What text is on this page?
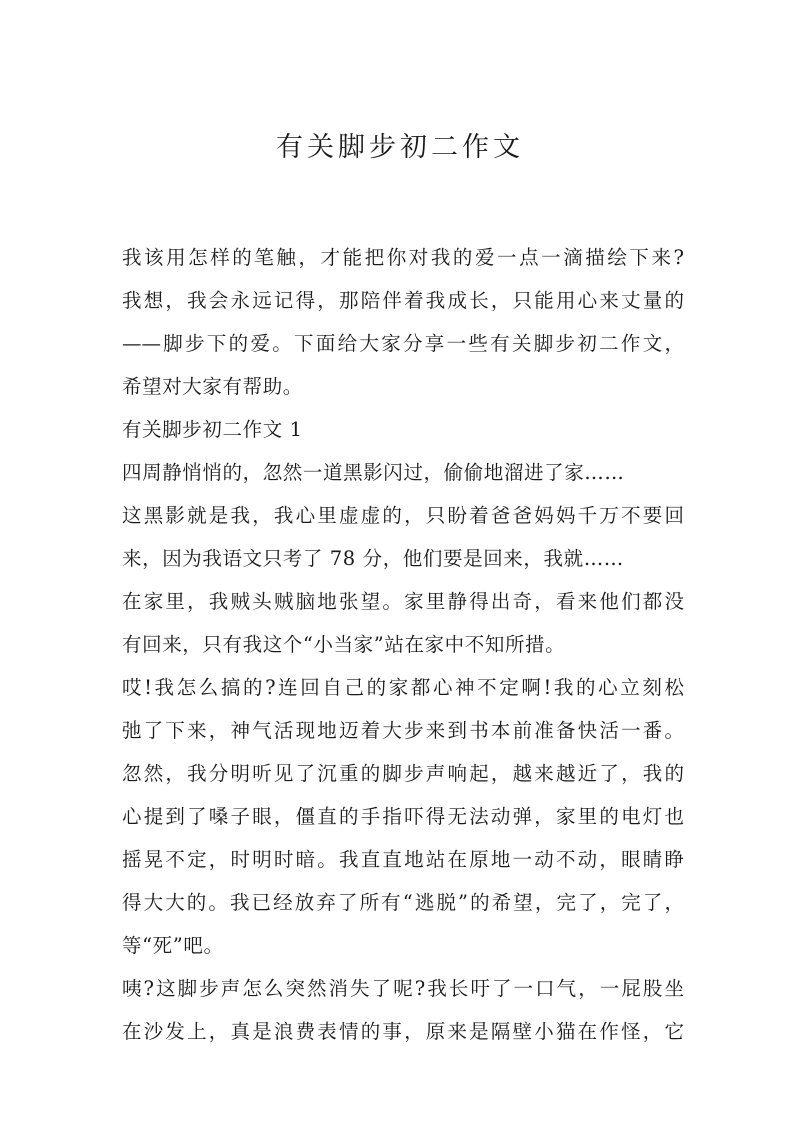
有关脚步初二作文
我该用怎样的笔触，才能把你对我的爱一点一滴描绘下来?
我想，我会永远记得，那陪伴着我成长，只能用心来丈量的
——脚步下的爱。下面给大家分享一些有关脚步初二作文，
希望对大家有帮助。
有关脚步初二作文 1
四周静悄悄的，忽然一道黑影闪过，偷偷地溜进了家……
这黑影就是我，我心里虚虚的，只盼着爸爸妈妈千万不要回
来，因为我语文只考了 78 分，他们要是回来，我就……
在家里，我贼头贼脑地张望。家里静得出奇，看来他们都没
有回来，只有我这个“小当家”站在家中不知所措。
哎!我怎么搞的?连回自己的家都心神不定啊!我的心立刻松
弛了下来，神气活现地迈着大步来到书本前准备快活一番。
忽然，我分明听见了沉重的脚步声响起，越来越近了，我的
心提到了嗓子眼，僵直的手指吓得无法动弹，家里的电灯也
摇晃不定，时明时暗。我直直地站在原地一动不动，眼睛睁
得大大的。我已经放弃了所有“逃脱”的希望，完了，完了，
等“死”吧。
咦?这脚步声怎么突然消失了呢?我长吁了一口气，一屁股坐
在沙发上，真是浪费表情的事，原来是隔壁小猫在作怪，它
